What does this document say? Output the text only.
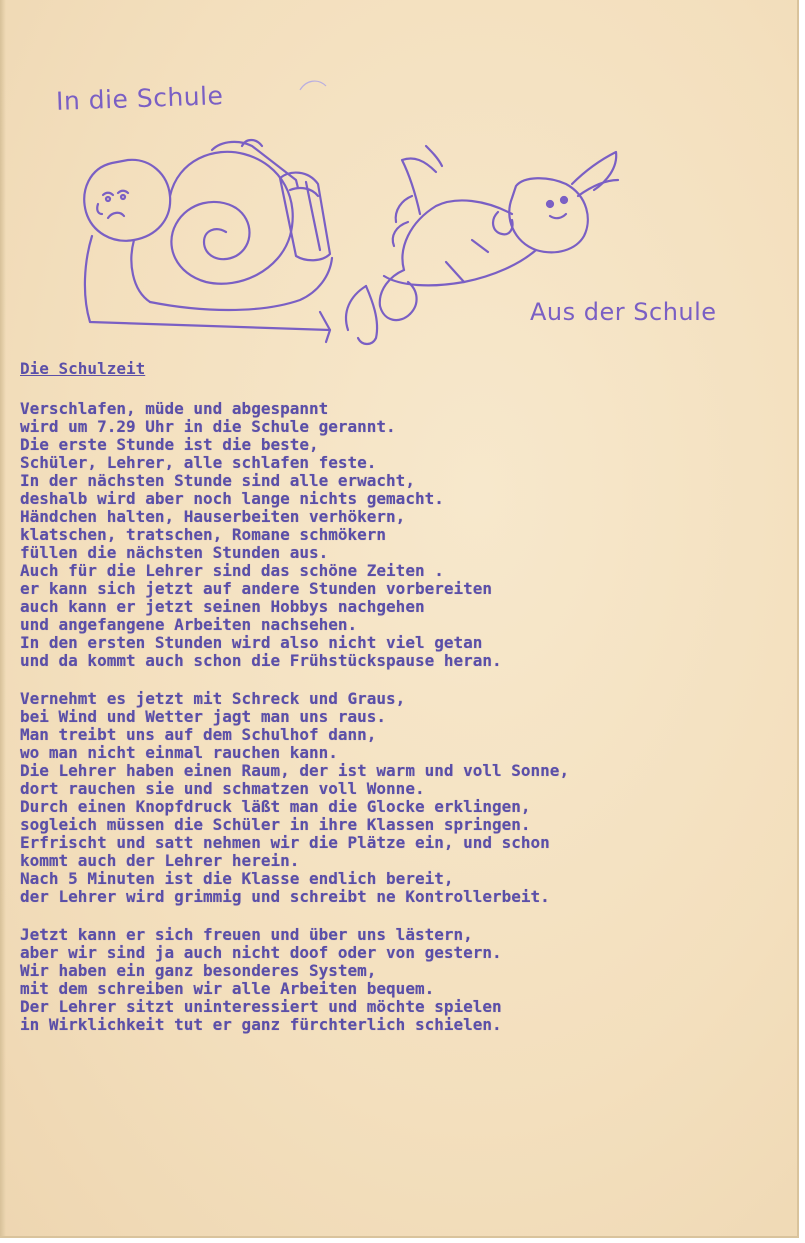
In die Schule
Aus der Schule
Die Schulzeit
Verschlafen, müde und abgespannt
wird um 7.29 Uhr in die Schule gerannt.
Die erste Stunde ist die beste,
Schüler, Lehrer, alle schlafen feste.
In der nächsten Stunde sind alle erwacht,
deshalb wird aber noch lange nichts gemacht.
Händchen halten, Hauserbeiten verhökern,
klatschen, tratschen, Romane schmökern
füllen die nächsten Stunden aus.
Auch für die Lehrer sind das schöne Zeiten .
er kann sich jetzt auf andere Stunden vorbereiten
auch kann er jetzt seinen Hobbys nachgehen
und angefangene Arbeiten nachsehen.
In den ersten Stunden wird also nicht viel getan
und da kommt auch schon die Frühstückspause heran.
Vernehmt es jetzt mit Schreck und Graus,
bei Wind und Wetter jagt man uns raus.
Man treibt uns auf dem Schulhof dann,
wo man nicht einmal rauchen kann.
Die Lehrer haben einen Raum, der ist warm und voll Sonne,
dort rauchen sie und schmatzen voll Wonne.
Durch einen Knopfdruck läßt man die Glocke erklingen,
sogleich müssen die Schüler in ihre Klassen springen.
Erfrischt und satt nehmen wir die Plätze ein, und schon
kommt auch der Lehrer herein.
Nach 5 Minuten ist die Klasse endlich bereit,
der Lehrer wird grimmig und schreibt ne Kontrollerbeit.
Jetzt kann er sich freuen und über uns lästern,
aber wir sind ja auch nicht doof oder von gestern.
Wir haben ein ganz besonderes System,
mit dem schreiben wir alle Arbeiten bequem.
Der Lehrer sitzt uninteressiert und möchte spielen
in Wirklichkeit tut er ganz fürchterlich schielen.
